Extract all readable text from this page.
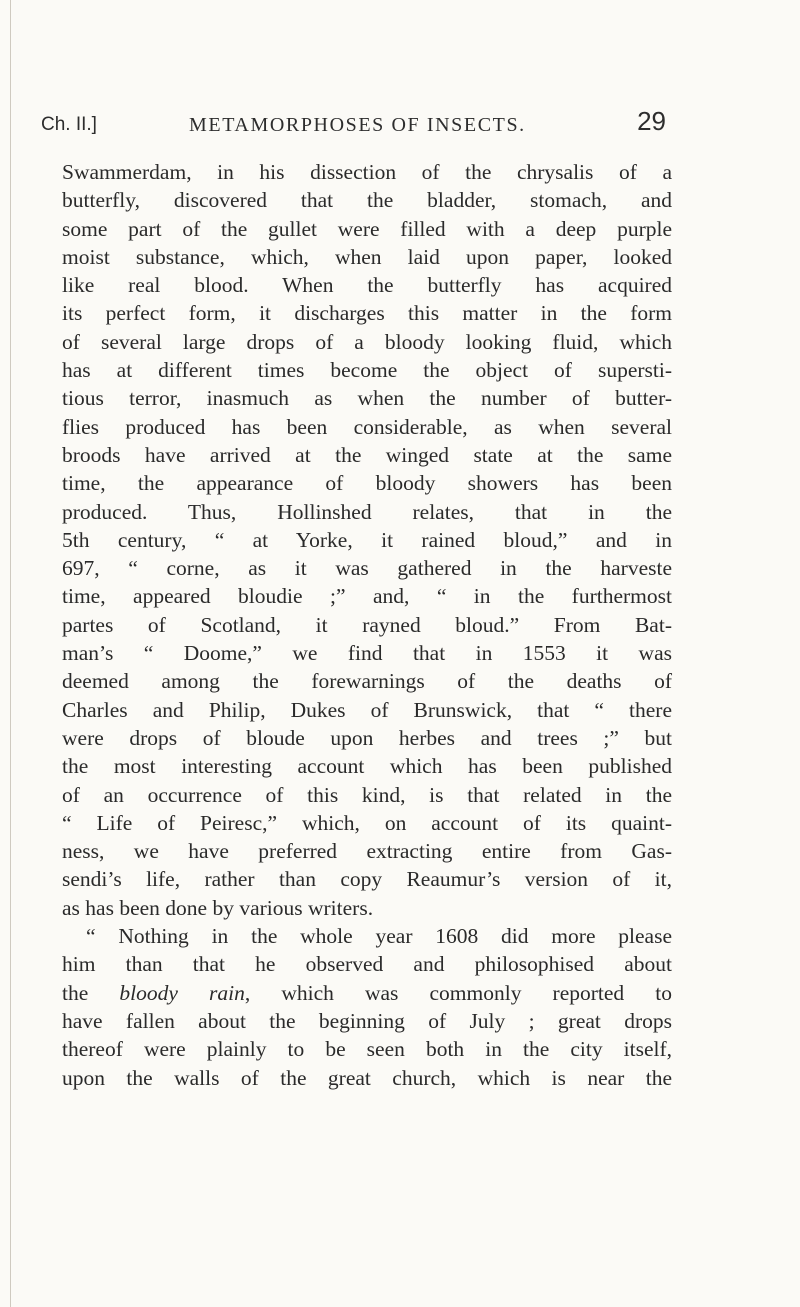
Ch. II.]	METAMORPHOSES OF INSECTS.	29
Swammerdam, in his dissection of the chrysalis of a
butterfly, discovered that the bladder, stomach, and
some part of the gullet were filled with a deep purple
moist substance, which, when laid upon paper, looked
like real blood. When the butterfly has acquired
its perfect form, it discharges this matter in the form
of several large drops of a bloody looking fluid, which
has at different times become the object of supersti-
tious terror, inasmuch as when the number of butter-
flies produced has been considerable, as when several
broods have arrived at the winged state at the same
time, the appearance of bloody showers has been
produced. Thus, Hollinshed relates, that in the
5th century, “ at Yorke, it rained bloud,” and in
697, “ corne, as it was gathered in the harveste
time, appeared bloudie ;” and, “ in the furthermost
partes of Scotland, it rayned bloud.” From Bat-
man’s “ Doome,” we find that in 1553 it was
deemed among the forewarnings of the deaths of
Charles and Philip, Dukes of Brunswick, that “ there
were drops of bloude upon herbes and trees ;” but
the most interesting account which has been published
of an occurrence of this kind, is that related in the
“ Life of Peiresc,” which, on account of its quaint-
ness, we have preferred extracting entire from Gas-
sendi’s life, rather than copy Reaumur’s version of it,
as has been done by various writers.
“ Nothing in the whole year 1608 did more please
him than that he observed and philosophised about
the bloody rain, which was commonly reported to
have fallen about the beginning of July ; great drops
thereof were plainly to be seen both in the city itself,
upon the walls of the great church, which is near the
